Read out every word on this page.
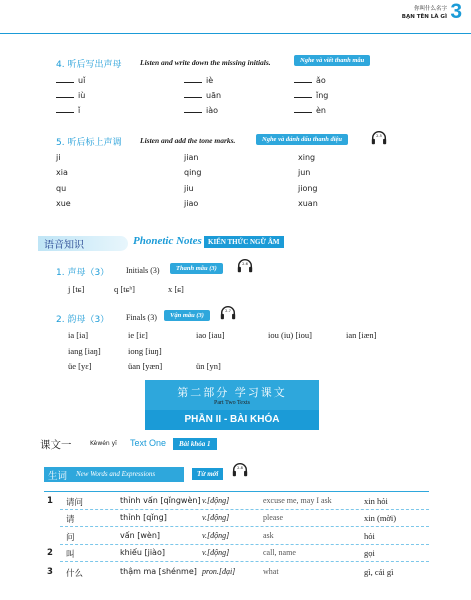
你叫什么名字
BẠN TÊN LÀ GÌ 3
4. 听后写出声母 Listen and write down the missing initials.	Nghe và viết thanh mẫu
uǐ	iè	ǎo
iù	uān	ǐng
ǐ	iào	èn
5. 听后标上声调 Listen and add the tone marks.	Nghe và đánh dấu thanh điệu	2-5
ji	jian	xing
xia	qing	jun
qu	jiu	jiong
xue	jiao	xuan
语音知识	Phonetic Notes KIẾN THỨC NGỮ ÂM
1. 声母（3） Initials (3)	Thanh mẫu (3)
2-6
j [tɕ]	q [tɕʰ]	x [ɕ]
2. 韵母（3） Finals (3)	Vận mẫu (3)
2-7
ia [ia]	ie [iɛ]	iao [iau]	iou (iu) [iou]	ian [iæn]
iang [iaŋ]	iong [iuŋ]
üe [yɛ]	üan [yæn]	ün [yn]
第二部分 学习课文
Part Two Texts
PHẦN II - BÀI KHÓA
课文一	Kèwén yī Text One	Bài khóa 1
生词 New Words and Expressions	Từ mới
2-8
1 请问	thỉnh vấn [qǐngwèn] v.[động]	excuse me, may I ask	xin hỏi
请	thỉnh [qǐng]	v.[động]	please	xin (mời)
问	vấn [wèn]	v.[động]	ask	hỏi
2 叫	khiếu [jiào]	v.[động]	call, name	gọi
3 什么	thậm ma [shénme] pron.[đại]	what	gì, cái gì
